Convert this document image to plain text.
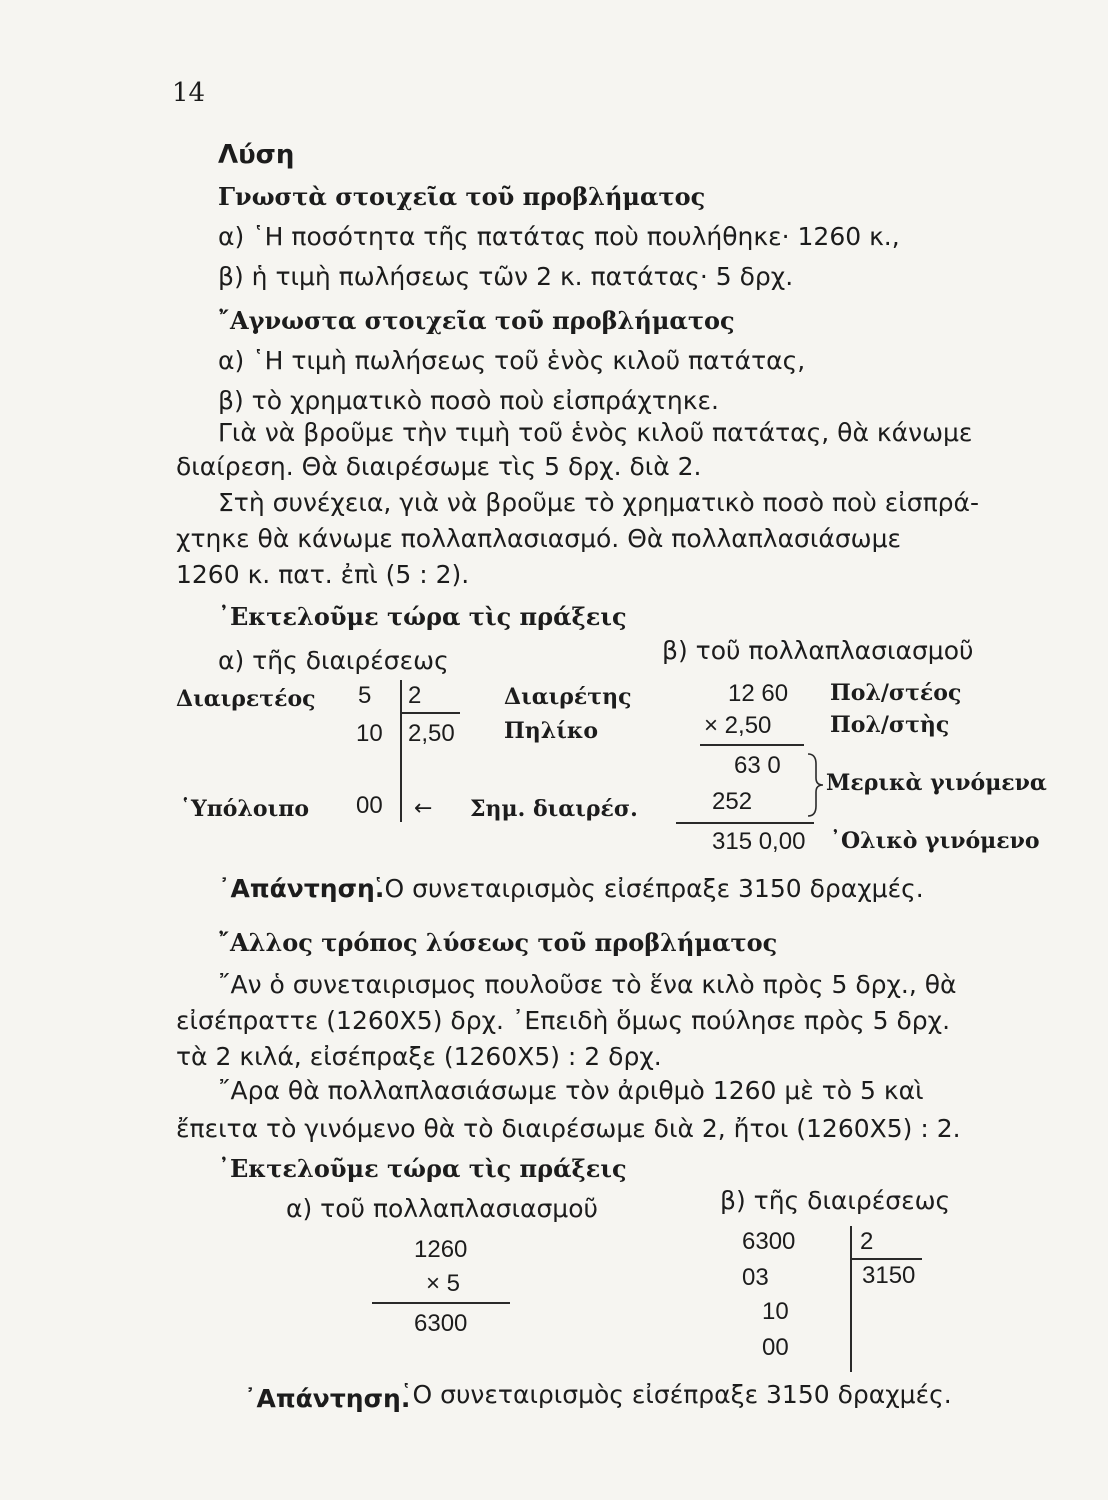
14
Λύση
Γνωστὰ στοιχεῖα τοῦ προβλήματος
α) ῾Η ποσότητα τῆς πατάτας ποὺ πουλήθηκε· 1260 κ.,
β) ἡ τιμὴ πωλήσεως τῶν 2 κ. πατάτας· 5 δρχ.
῎Αγνωστα στοιχεῖα τοῦ προβλήματος
α) ῾Η τιμὴ πωλήσεως τοῦ ἑνὸς κιλοῦ πατάτας,
β) τὸ χρηματικὸ ποσὸ ποὺ εἰσπράχτηκε.
Γιὰ νὰ βροῦμε τὴν τιμὴ τοῦ ἑνὸς κιλοῦ πατάτας, θὰ κάνωμε
διαίρεση. Θὰ διαιρέσωμε τὶς 5 δρχ. διὰ 2.
Στὴ συνέχεια, γιὰ νὰ βροῦμε τὸ χρηματικὸ ποσὸ ποὺ εἰσπρά-
χτηκε θὰ κάνωμε πολλαπλασιασμό. Θὰ πολλαπλασιάσωμε
1260 κ. πατ. ἐπὶ (5 : 2).
᾿Εκτελοῦμε τώρα τὶς πράξεις
α) τῆς διαιρέσεως	β) τοῦ πολλαπλασιασμοῦ
Διαιρετέος 5 2	Διαιρέτης
10 2,50 Πηλίκο
῾Υπόλοιπο 00 ← Σημ. διαιρέσ.
12 60 Πολ/στέος
× 2,50	Πολ/στὴς
63 0
252
Μερικὰ γινόμενα
315 0,00 ᾿Ολικὸ γινόμενο
᾿Απάντηση.
῾Ο συνεταιρισμὸς εἰσέπραξε 3150 δραχμές.
῎Αλλος τρόπος λύσεως τοῦ προβλήματος
῎Αν ὁ συνεταιρισμος πουλοῦσε τὸ ἕνα κιλὸ πρὸς 5 δρχ., θὰ
εἰσέπραττε (1260Χ5) δρχ. ᾿Επειδὴ ὅμως πούλησε πρὸς 5 δρχ.
τὰ 2 κιλά, εἰσέπραξε (1260Χ5) : 2 δρχ.
῎Αρα θὰ πολλαπλασιάσωμε τὸν ἀριθμὸ 1260 μὲ τὸ 5 καὶ
ἔπειτα τὸ γινόμενο θὰ τὸ διαιρέσωμε διὰ 2, ἤτοι (1260Χ5) : 2.
᾿Εκτελοῦμε τώρα τὶς πράξεις
α) τοῦ πολλαπλασιασμοῦ	β) τῆς διαιρέσεως
1260
× 5
6300
6300	2
03	3150
10
00
᾿Απάντηση.
῾Ο συνεταιρισμὸς εἰσέπραξε 3150 δραχμές.
